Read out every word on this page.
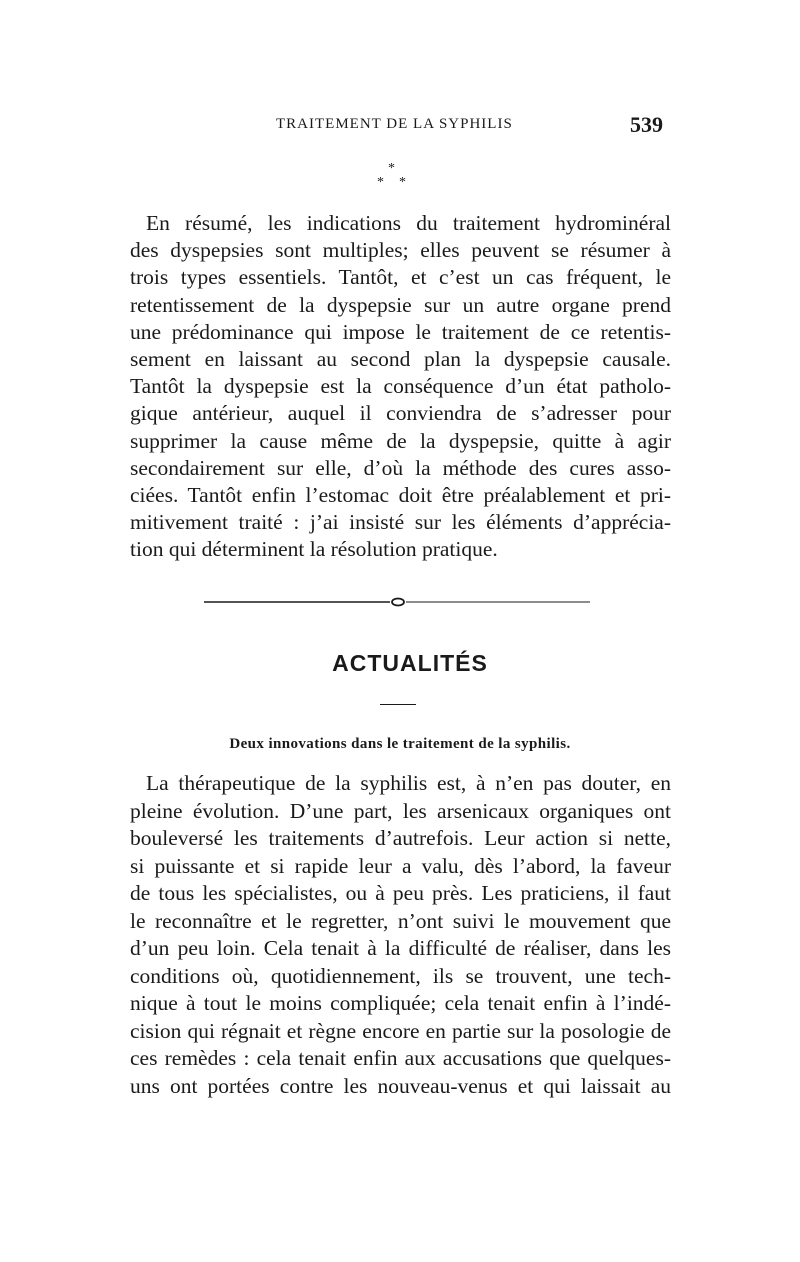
TRAITEMENT DE LA SYPHILIS	539
*
* *

En résumé, les indications du traitement hydrominéral
des dyspepsies sont multiples; elles peuvent se résumer à
trois types essentiels. Tantôt, et c’est un cas fréquent, le
retentissement de la dyspepsie sur un autre organe prend
une prédominance qui impose le traitement de ce retentis-
sement en laissant au second plan la dyspepsie causale.
Tantôt la dyspepsie est la conséquence d’un état patholo-
gique antérieur, auquel il conviendra de s’adresser pour
supprimer la cause même de la dyspepsie, quitte à agir
secondairement sur elle, d’où la méthode des cures asso-
ciées. Tantôt enfin l’estomac doit être préalablement et pri-
mitivement traité : j’ai insisté sur les éléments d’apprécia-
tion qui déterminent la résolution pratique.

ACTUALITÉS
Deux innovations dans le traitement de la syphilis.

La thérapeutique de la syphilis est, à n’en pas douter, en
pleine évolution. D’une part, les arsenicaux organiques ont
bouleversé les traitements d’autrefois. Leur action si nette,
si puissante et si rapide leur a valu, dès l’abord, la faveur
de tous les spécialistes, ou à peu près. Les praticiens, il faut
le reconnaître et le regretter, n’ont suivi le mouvement que
d’un peu loin. Cela tenait à la difficulté de réaliser, dans les
conditions où, quotidiennement, ils se trouvent, une tech-
nique à tout le moins compliquée; cela tenait enfin à l’indé-
cision qui régnait et règne encore en partie sur la posologie de
ces remèdes : cela tenait enfin aux accusations que quelques-
uns ont portées contre les nouveau-venus et qui laissait au
